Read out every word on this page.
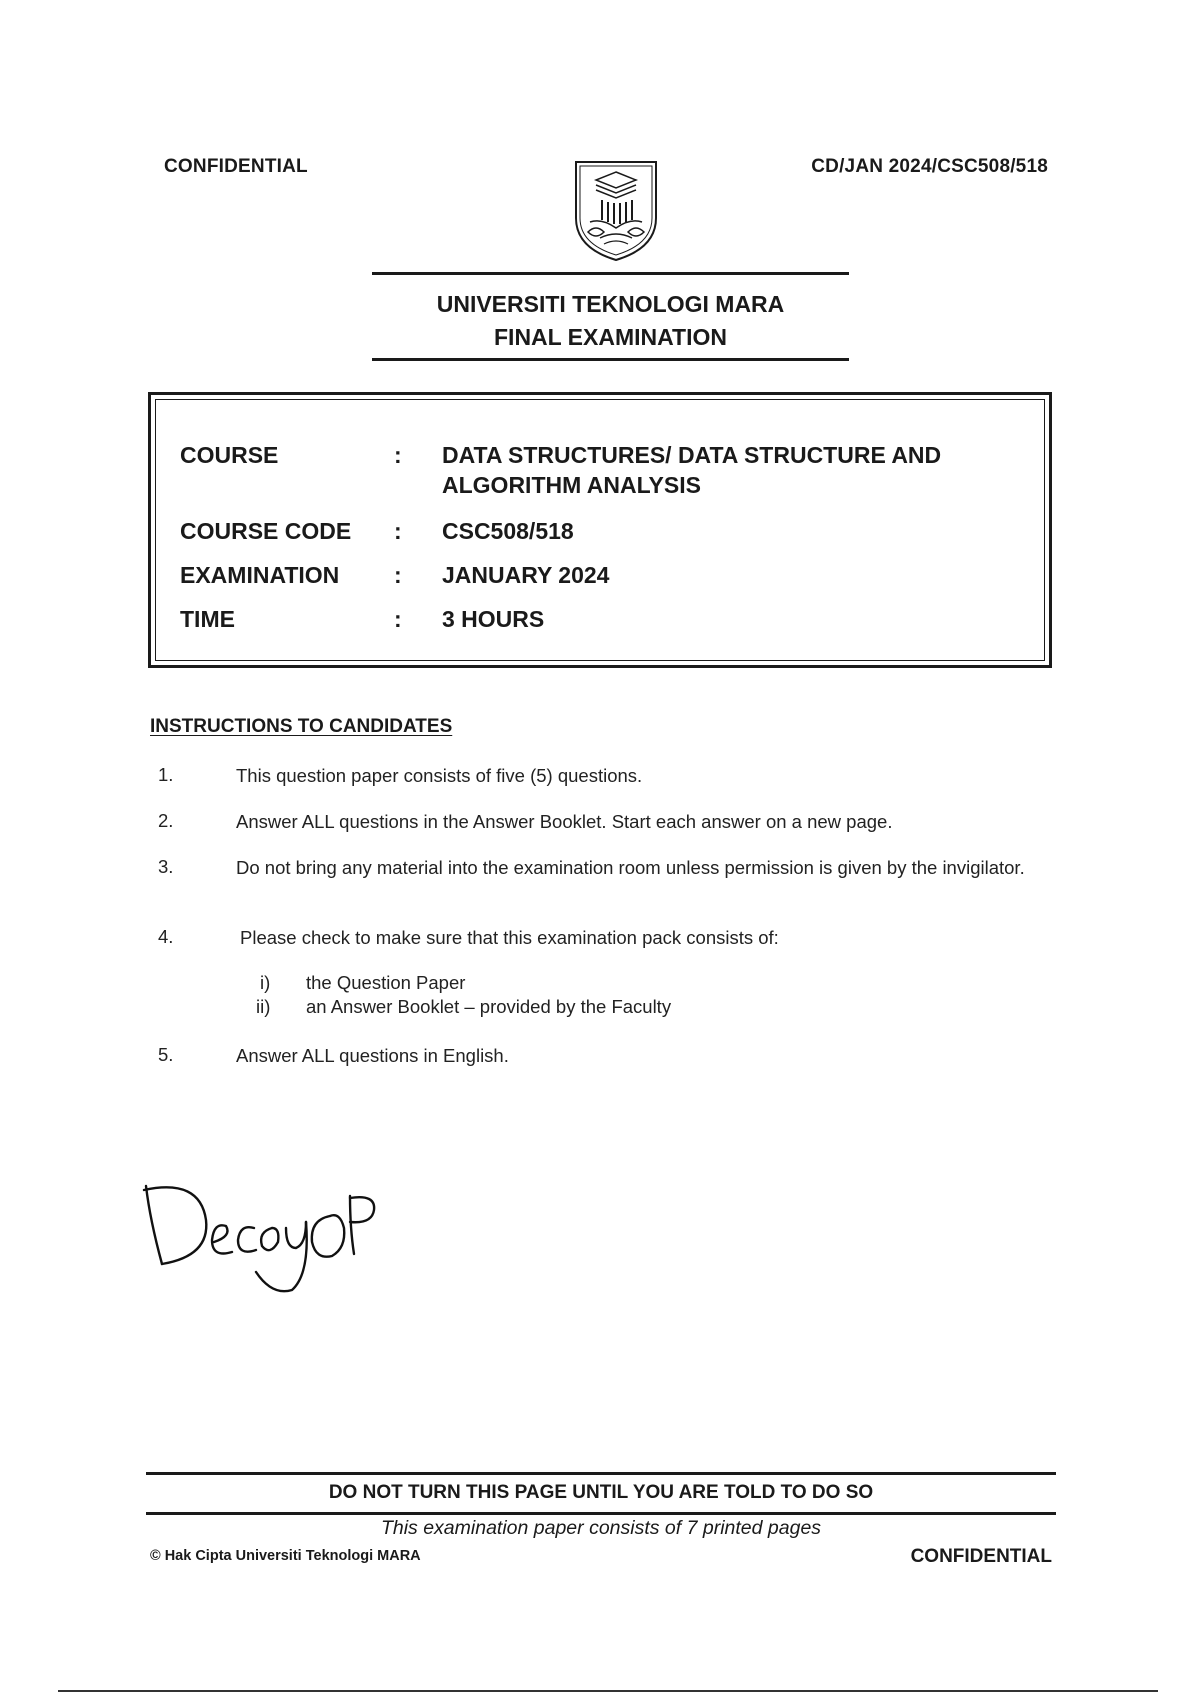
CONFIDENTIAL	CD/JAN 2024/CSC508/518
UNIVERSITI TEKNOLOGI MARA
FINAL EXAMINATION
COURSE	: DATA STRUCTURES/ DATA STRUCTURE AND ALGORITHM ANALYSIS
COURSE CODE : CSC508/518
EXAMINATION : JANUARY 2024
TIME	: 3 HOURS
INSTRUCTIONS TO CANDIDATES
1.	This question paper consists of five (5) questions.
2.	Answer ALL questions in the Answer Booklet. Start each answer on a new page.
3.	Do not bring any material into the examination room unless permission is given by the invigilator.
4.	Please check to make sure that this examination pack consists of:
i) the Question Paper
ii) an Answer Booklet – provided by the Faculty
5.	Answer ALL questions in English.
DO NOT TURN THIS PAGE UNTIL YOU ARE TOLD TO DO SO
This examination paper consists of 7 printed pages
© Hak Cipta Universiti Teknologi MARA	CONFIDENTIAL
